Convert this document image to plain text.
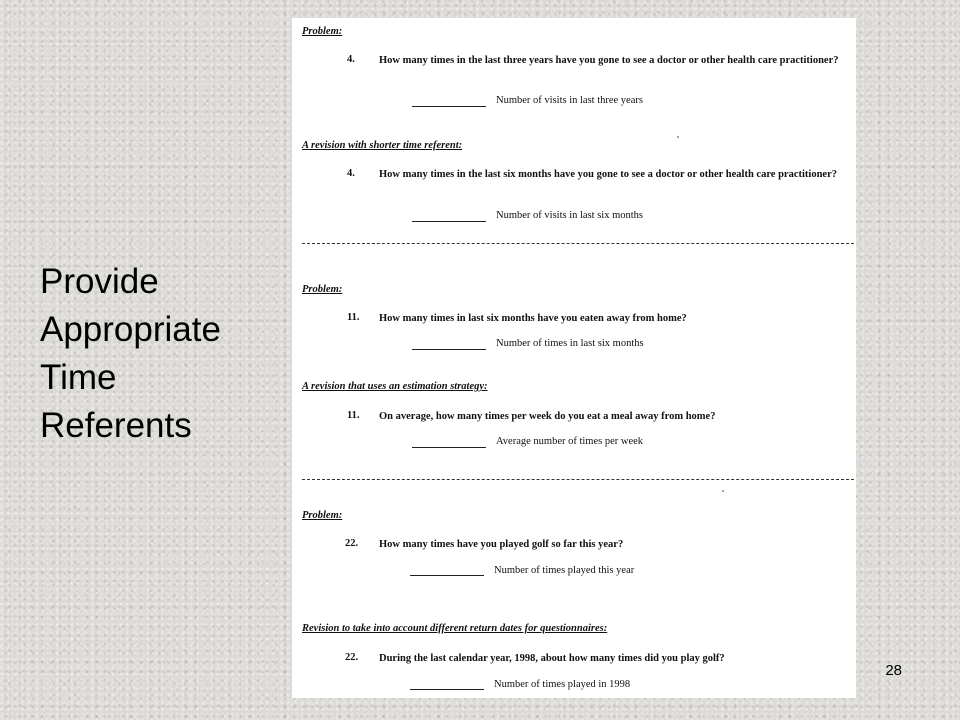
Provide
Appropriate
Time
Referents
Problem:
4. How many times in the last three years have you gone to see a doctor or other health care practitioner?
Number of visits in last three years
A revision with shorter time referent:
4. How many times in the last six months have you gone to see a doctor or other health care practitioner?
Number of visits in last six months
Problem:
11. How many times in last six months have you eaten away from home?
Number of times in last six months
A revision that uses an estimation strategy:
11. On average, how many times per week do you eat a meal away from home?
Average number of times per week
Problem:
22. How many times have you played golf so far this year?
Number of times played this year
Revision to take into account different return dates for questionnaires:
22. During the last calendar year, 1998, about how many times did you play golf?
Number of times played in 1998
28
